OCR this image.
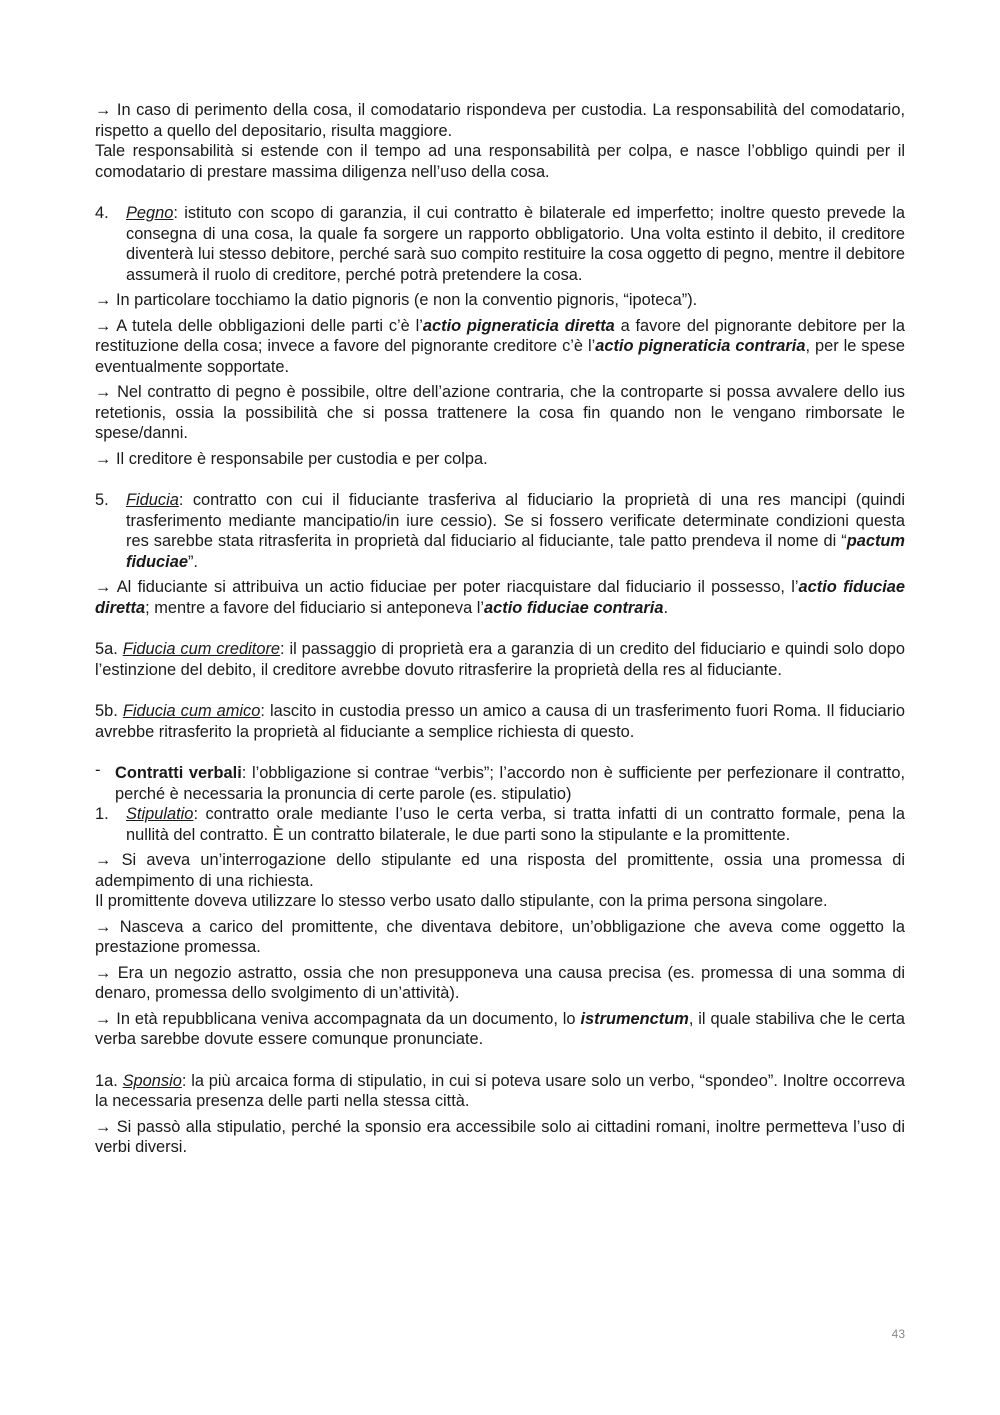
→ In caso di perimento della cosa, il comodatario rispondeva per custodia. La responsabilità del comodatario, rispetto a quello del depositario, risulta maggiore.

Tale responsabilità si estende con il tempo ad una responsabilità per colpa, e nasce l’obbligo quindi per il comodatario di prestare massima diligenza nell’uso della cosa.

4. Pegno: istituto con scopo di garanzia, il cui contratto è bilaterale ed imperfetto; inoltre questo prevede la consegna di una cosa, la quale fa sorgere un rapporto obbligatorio. Una volta estinto il debito, il creditore diventerà lui stesso debitore, perché sarà suo compito restituire la cosa oggetto di pegno, mentre il debitore assumerà il ruolo di creditore, perché potrà pretendere la cosa.

→ In particolare tocchiamo la datio pignoris (e non la conventio pignoris, “ipoteca”).

→ A tutela delle obbligazioni delle parti c’è l’actio pigneraticia diretta a favore del pignorante debitore per la restituzione della cosa; invece a favore del pignorante creditore c’è l’actio pigneraticia contraria, per le spese eventualmente sopportate.

→ Nel contratto di pegno è possibile, oltre dell’azione contraria, che la controparte si possa avvalere dello ius retetionis, ossia la possibilità che si possa trattenere la cosa fin quando non le vengano rimborsate le spese/danni.

→ Il creditore è responsabile per custodia e per colpa.

5. Fiducia: contratto con cui il fiduciante trasferiva al fiduciario la proprietà di una res mancipi (quindi trasferimento mediante mancipatio/in iure cessio). Se si fossero verificate determinate condizioni questa res sarebbe stata ritrasferita in proprietà dal fiduciario al fiduciante, tale patto prendeva il nome di “pactum fiduciae”.

→ Al fiduciante si attribuiva un actio fiduciae per poter riacquistare dal fiduciario il possesso, l’actio fiduciae diretta; mentre a favore del fiduciario si anteponeva l’actio fiduciae contraria.

5a. Fiducia cum creditore: il passaggio di proprietà era a garanzia di un credito del fiduciario e quindi solo dopo l’estinzione del debito, il creditore avrebbe dovuto ritrasferire la proprietà della res al fiduciante.

5b. Fiducia cum amico: lascito in custodia presso un amico a causa di un trasferimento fuori Roma. Il fiduciario avrebbe ritrasferito la proprietà al fiduciante a semplice richiesta di questo.

- Contratti verbali: l’obbligazione si contrae “verbis”; l’accordo non è sufficiente per perfezionare il contratto, perché è necessaria la pronuncia di certe parole (es. stipulatio)
1. Stipulatio: contratto orale mediante l’uso le certa verba, si tratta infatti di un contratto formale, pena la nullità del contratto. È un contratto bilaterale, le due parti sono la stipulante e la promittente.

→ Si aveva un’interrogazione dello stipulante ed una risposta del promittente, ossia una promessa di adempimento di una richiesta.

Il promittente doveva utilizzare lo stesso verbo usato dallo stipulante, con la prima persona singolare.

→ Nasceva a carico del promittente, che diventava debitore, un’obbligazione che aveva come oggetto la prestazione promessa.

→ Era un negozio astratto, ossia che non presupponeva una causa precisa (es. promessa di una somma di denaro, promessa dello svolgimento di un’attività).

→ In età repubblicana veniva accompagnata da un documento, lo istrumenctum, il quale stabiliva che le certa verba sarebbe dovute essere comunque pronunciate.

1a. Sponsio: la più arcaica forma di stipulatio, in cui si poteva usare solo un verbo, “spondeo”. Inoltre occorreva la necessaria presenza delle parti nella stessa città.

→ Si passò alla stipulatio, perché la sponsio era accessibile solo ai cittadini romani, inoltre permetteva l’uso di verbi diversi.

43
